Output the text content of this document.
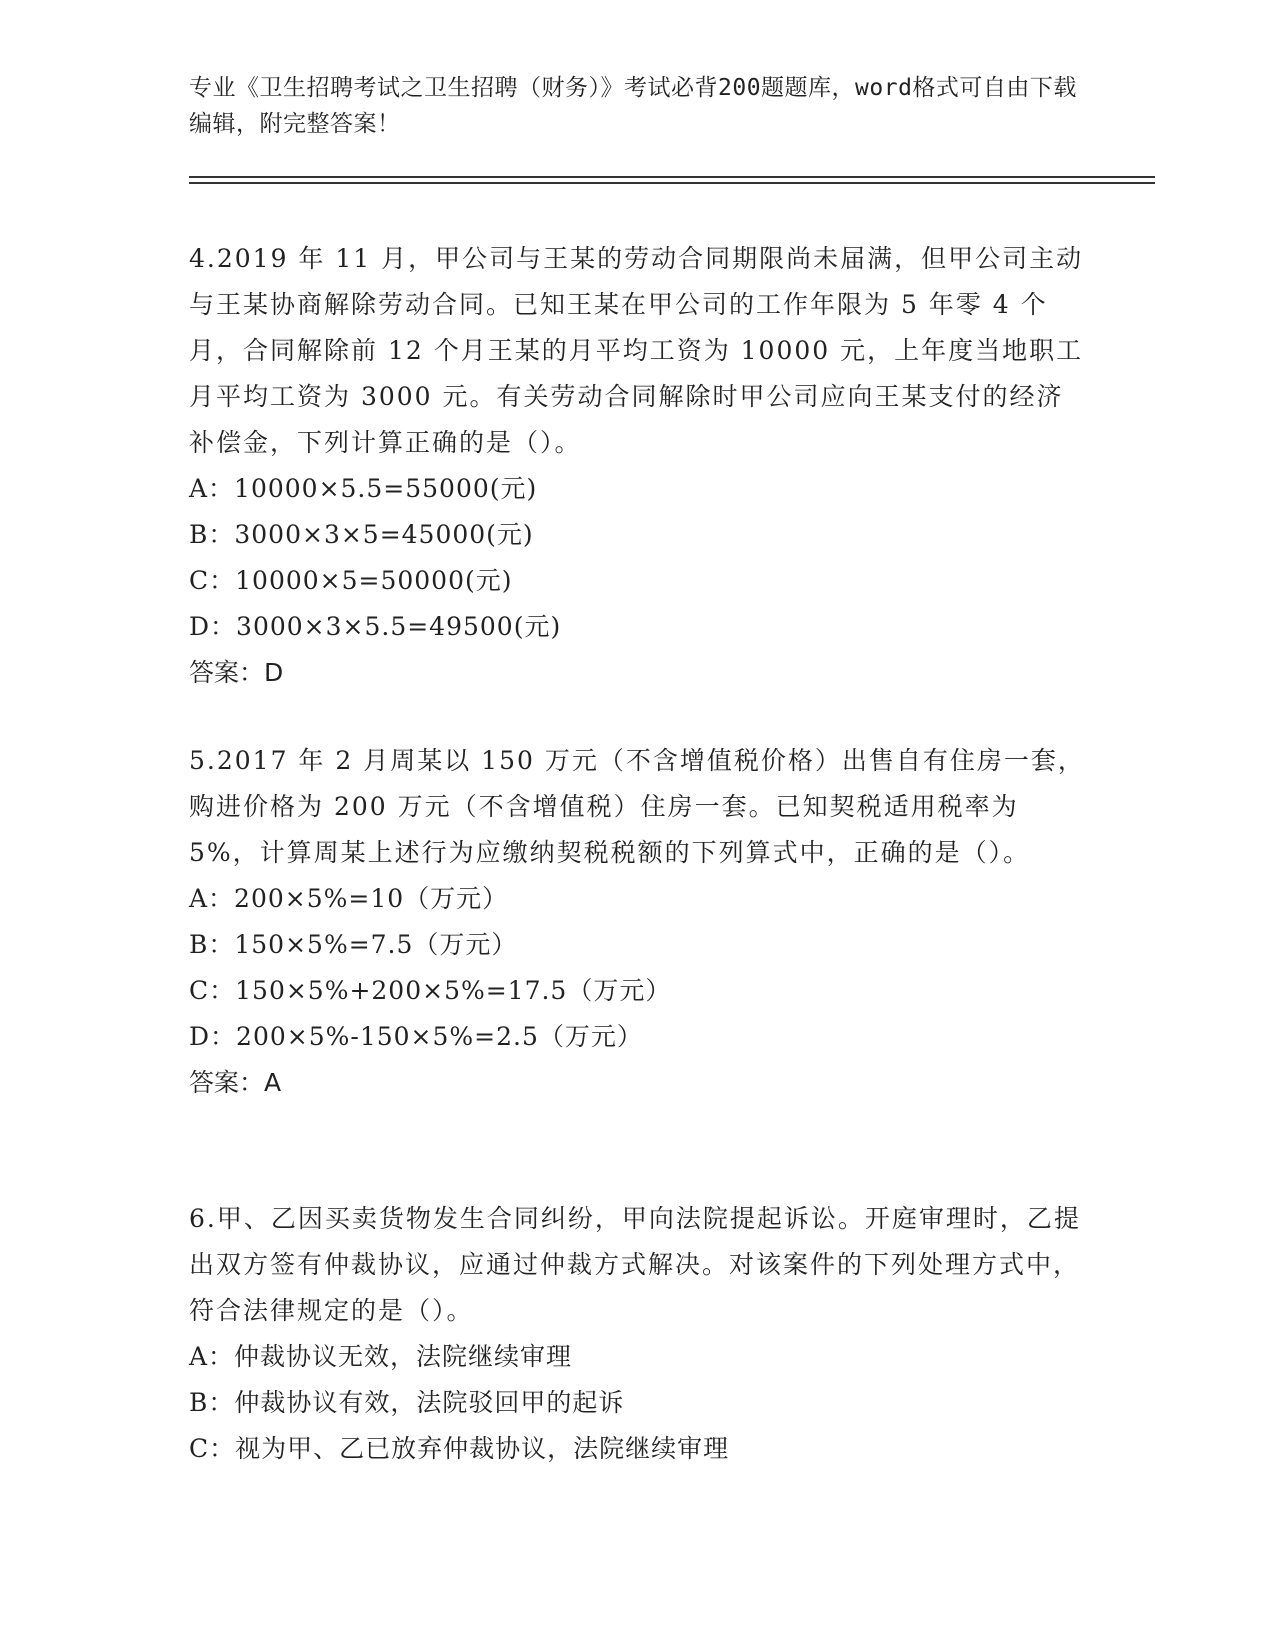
专业《卫生招聘考试之卫生招聘（财务）》考试必背200题题库，word格式可自由下载编辑，附完整答案！
4.2019 年 11 月，甲公司与王某的劳动合同期限尚未届满，但甲公司主动与王某协商解除劳动合同。已知王某在甲公司的工作年限为 5 年零 4 个月，合同解除前 12 个月王某的月平均工资为 10000 元，上年度当地职工月平均工资为 3000 元。有关劳动合同解除时甲公司应向王某支付的经济补偿金，下列计算正确的是（）。
A：10000×5.5=55000(元)
B：3000×3×5=45000(元)
C：10000×5=50000(元)
D：3000×3×5.5=49500(元)
答案：D
5.2017 年 2 月周某以 150 万元（不含增值税价格）出售自有住房一套，购进价格为 200 万元（不含增值税）住房一套。已知契税适用税率为 5%，计算周某上述行为应缴纳契税税额的下列算式中，正确的是（）。
A：200×5%=10（万元）
B：150×5%=7.5（万元）
C：150×5%+200×5%=17.5（万元）
D：200×5%-150×5%=2.5（万元）
答案：A
6.甲、乙因买卖货物发生合同纠纷，甲向法院提起诉讼。开庭审理时，乙提出双方签有仲裁协议，应通过仲裁方式解决。对该案件的下列处理方式中，符合法律规定的是（）。
A：仲裁协议无效，法院继续审理
B：仲裁协议有效，法院驳回甲的起诉
C：视为甲、乙已放弃仲裁协议，法院继续审理
